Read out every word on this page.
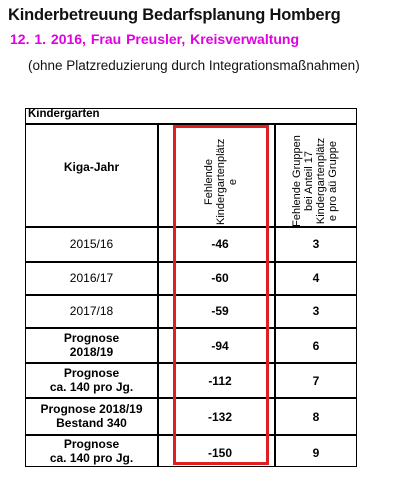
Kinderbetreuung Bedarfsplanung Homberg
12. 1. 2016, Frau Preusler, Kreisverwaltung
(ohne Platzreduzierung durch Integrationsmaßnahmen)
Kindergarten
Kiga-Jahr	Fehlende Kindergartenplätz e	Fehlende Gruppen bei Anteil 17 Kindergartenplätz e pro aü Gruppe
2015/16	-46	3
2016/17	-60	4
2017/18	-59	3
Prognose
2018/19	-94	6
Prognose
ca. 140 pro Jg.	-112	7
Prognose 2018/19
Bestand 340	-132	8
Prognose
ca. 140 pro Jg.	-150	9
